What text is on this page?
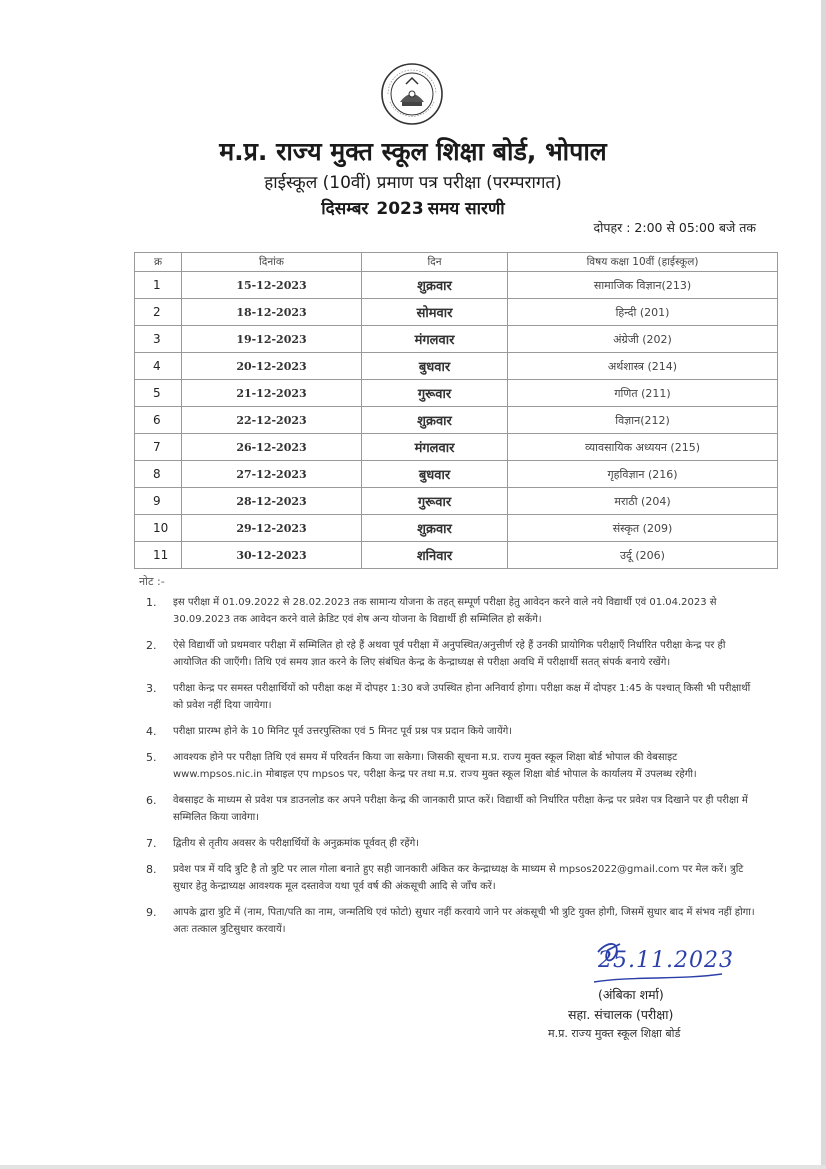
म.प्र. राज्य मुक्त स्कूल शिक्षा बोर्ड, भोपाल
हाईस्कूल (10वीं) प्रमाण पत्र परीक्षा (परम्परागत)
दिसम्बर 2023 समय सारणी
दोपहर : 2:00 से 05:00 बजे तक
क्र	दिनांक	दिन	विषय कक्षा 10वीं (हाईस्कूल)
1	15-12-2023	शुक्रवार	सामाजिक विज्ञान(213)
2	18-12-2023	सोमवार	हिन्दी (201)
3	19-12-2023	मंगलवार	अंग्रेजी (202)
4	20-12-2023	बुधवार	अर्थशास्त्र (214)
5	21-12-2023	गुरूवार	गणित (211)
6	22-12-2023	शुक्रवार	विज्ञान(212)
7	26-12-2023	मंगलवार	व्यावसायिक अध्ययन (215)
8	27-12-2023	बुधवार	गृहविज्ञान (216)
9	28-12-2023	गुरूवार	मराठी (204)
10	29-12-2023	शुक्रवार	संस्कृत (209)
11	30-12-2023	शनिवार	उर्दू (206)
नोट :-
1. इस परीक्षा में 01.09.2022 से 28.02.2023 तक सामान्य योजना के तहत् सम्पूर्ण परीक्षा हेतु आवेदन करने वाले नये विद्यार्थी एवं 01.04.2023 से 30.09.2023 तक आवेदन करने वाले क्रेडिट एवं शेष अन्य योजना के विद्यार्थी ही सम्मिलित हो सकेंगे।
2. ऐसे विद्यार्थी जो प्रथमवार परीक्षा में सम्मिलित हो रहे हैं अथवा पूर्व परीक्षा में अनुपस्थित/अनुत्तीर्ण रहे हैं उनकी प्रायोगिक परीक्षाएँ निर्धारित परीक्षा केन्द्र पर ही आयोजित की जाएँगी। तिथि एवं समय ज्ञात करने के लिए संबंधित केन्द्र के केन्द्राध्यक्ष से परीक्षा अवधि में परीक्षार्थी सतत् संपर्क बनाये रखेंगे।
3. परीक्षा केन्द्र पर समस्त परीक्षार्थियों को परीक्षा कक्ष में दोपहर 1:30 बजे उपस्थित होना अनिवार्य होगा। परीक्षा कक्ष में दोपहर 1:45 के पश्चात् किसी भी परीक्षार्थी को प्रवेश नहीं दिया जायेगा।
4. परीक्षा प्रारम्भ होने के 10 मिनिट पूर्व उत्तरपुस्तिका एवं 5 मिनट पूर्व प्रश्न पत्र प्रदान किये जायेंगे।
5. आवश्यक होने पर परीक्षा तिथि एवं समय में परिवर्तन किया जा सकेगा। जिसकी सूचना म.प्र. राज्य मुक्त स्कूल शिक्षा बोर्ड भोपाल की वेबसाइट www.mpsos.nic.in मोबाइल एप mpsos पर, परीक्षा केन्द्र पर तथा म.प्र. राज्य मुक्त स्कूल शिक्षा बोर्ड भोपाल के कार्यालय में उपलब्ध रहेगी।
6. वेबसाइट के माध्यम से प्रवेश पत्र डाउनलोड कर अपने परीक्षा केन्द्र की जानकारी प्राप्त करें। विद्यार्थी को निर्धारित परीक्षा केन्द्र पर प्रवेश पत्र दिखाने पर ही परीक्षा में सम्मिलित किया जावेगा।
7. द्वितीय से तृतीय अवसर के परीक्षार्थियों के अनुक्रमांक पूर्ववत् ही रहेंगे।
8. प्रवेश पत्र में यदि त्रुटि है तो त्रुटि पर लाल गोला बनाते हुए सही जानकारी अंकित कर केन्द्राध्यक्ष के माध्यम से mpsos2022@gmail.com पर मेल करें। त्रुटि सुधार हेतु केन्द्राध्यक्ष आवश्यक मूल दस्तावेज यथा पूर्व वर्ष की अंकसूची आदि से जाँच करें।
9. आपके द्वारा त्रुटि में (नाम, पिता/पति का नाम, जन्मतिथि एवं फोटो) सुधार नहीं करवाये जाने पर अंकसूची भी त्रुटि युक्त होगी, जिसमें सुधार बाद में संभव नहीं होगा। अतः तत्काल त्रुटिसुधार करवायें।
25.11.2023
(अंबिका शर्मा)
सहा. संचालक (परीक्षा)
म.प्र. राज्य मुक्त स्कूल शिक्षा बोर्ड
